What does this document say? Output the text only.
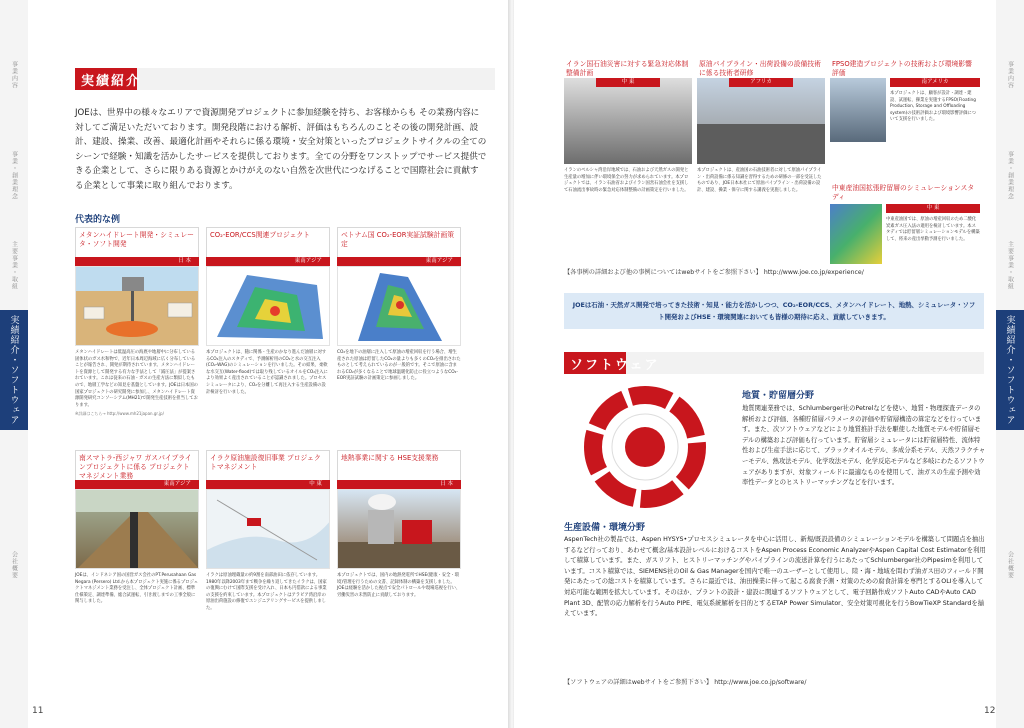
事業内容
事業・創業理念
主要事業・取組
実績紹介・ソフトウェア
会社概要
実績紹介
JOEは、世界中の様々なエリアで資源開発プロジェクトに参加経験を持ち、お客様からも その業務内容に対してご満足いただいております。開発段階における解析、評価はもちろんのことその後の開発計画、設計、建設、操業、改善、最適化計画やそれらに係る環境・安全対策といったプロジェクトサイクルの全てのシーンで経験・知識を活かしたサービスを提供しております。全ての分野をワンストップでサービス提供できる企業として、さらに限りある資源とかけがえのない自然を次世代につなげることで国際社会に貢献する企業として事業に取り組んでおります。
代表的な例
メタンハイドレート開発・シミュレータ・ソフト開発
日 本
メタンハイドレートは低温高圧の海底や地層中に分布している固体状のガス水和物で、近年日本周辺海域に広く分布していることが報告され、開発が期待されています。メタンハイドレートを資源として開発する有力な手法として「減圧法」が提案されています。これは従来の石油・ガスの生産方法に類似したもので、地層工学などの知見を基盤としています。JOEは日本国の国家プロジェクトの研究開発に参加し、メタンハイドレート資源開発研究コンソーシアム(MH21)で開発生産技術を担当しております。
※詳細はこちら→ http://www.mh21japan.gr.jp/
CO₂-EOR/CCS関連プロジェクト
東南アジア
本プロジェクトは、随に関係・生産のかなり進んだ油層に対するCO₂注入のスタディで、予測解析用のCO₂と水の交互注入(CO₂-WAG)のシミュレーションを行いました。その結果、柔軟な水交互(Water-flood)では取り残しているオイルをCO₂注入により効果よく産出されていることが認識されました。プロセスシミュレータにより、CO₂を分離して再注入する生産設備の設計検討を行いました。
ベトナム国 CO₂-EOR実証試験計画策定
東南アジア
CO₂を地下の油層に注入して原油の増産回収を行う場合、増生産された原油は貯留したCO₂の量よりも多くのCO₂を排出されたものとして考えられているのが一般的です。そこで原油に含まれるCO₂が多くなることで地球温暖化防止に役立つようなCO₂-EOR実証試験の計画策定に参画しました。
南スマトラ-西ジャワ ガスパイプラインプロジェクトに係る プロジェクトマネジメント業務
東南アジア
JOEは、インドネシア国の国営ガス会社のPT.Perusahaan Gas Negara (Persero) Ltd.から本プロジェクト実施に係るプロジェクトマネジメント業務を受注し、全体プロジェクト計画、標準仕様策定、調達準備、総合試運転、引き渡しまでの工事全般に関与しました。
イラク原油施設復旧事業 プロジェクトマネジメント
中 東
イラクは原油埋蔵量の約9割を南部油田に依存しています。1980年以降2003年まで戦争を繰り返してきたイラクは、国家の復興にむけて国際支援を受け入れ、日本も円借款による事業の支援を約束しています。本プロジェクトはアラビア湾沿岸の原油出荷施設の修復でエンジニアリングサービスを提供しました。
地熱事業に関する HSE支援業務
日 本
本プロジェクトでは、国内の地熱発電所でHSE(健康・安全・環境)管理を行うための文書、記録体制の構築を支援しました。JOEは経験を活かした視点で安全パトロールや現場巡視を行い、労働災害の未然防止に貢献しております。
11
事業内容
事業・創業理念
主要事業・取組
実績紹介・ソフトウェア
会社概要
イラン国石油災害に対する緊急対応体制整備計画
中 東
イランのペルシャ湾沿岸地域では、石油および天然ガスの開発と生産量の増加に伴い環境保全の努力が求められています。本プロジェクトでは、イラン石油省およびイラン国営石油会社を支援して石油流出事故時の緊急対応体制整備の計画策定を行いました。
原油パイプライン・出荷設備の設備技術に係る技術者研修
アフリカ
本プロジェクトは、産油国の石油技術者に対して原油パイプライン・出荷設備に係る知識を習得するための研修の一部を受託したものであり、JOE日本本社にて原油パイプライン・出荷設備の設計、建設、操業・保守に関する講義を実施しました。
FPSO建造プロジェクトの技術および環境影響評価
南アメリカ
本プロジェクトは、顧客が設計・調達・建設、試運転、操業を実施するFPSO(Floating Production, Storage and Offloading system)の技術評価および環境影響評価について支援を行いました。
中東産油国拡張貯留層のシミュレーションスタディ
中 東
中東産油国では、原油の増産回収のため二酸化炭素ガス圧入法の適用を検討しています。本スタディでは貯留層シミュレーションモデルを構築して、将来の産出挙動予測を行いました。
【各事例の詳細および他の事例についてはwebサイトをご参照下さい】 http://www.joe.co.jp/experience/
JOEは石油・天然ガス開発で培ってきた技術・知見・能力を活かしつつ、CO₂-EOR/CCS、メタンハイドレート、地熱、シミュレータ・ソフト開発およびHSE・環境関連においても皆様の期待に応え、貢献していきます。
ソフトウェア
地質・貯留層分野
地質関連業務では、Schlumberger社のPetrelなどを使い、地質・物理探査データの解析および評価、各種貯留層パラメータの評価や貯留層構造の算定などを行っています。また、次ソフトウェアなどにより地質推計手法を駆使した地質モデルや貯留層モデルの構築および評価も行っています。貯留層シミュレータには貯留層特性、流体特性および生産手法に応じて、ブラックオイルモデル、多成分系モデル、天然フラクチャーモデル、熱攻法モデル、化学攻法モデル、化学反応モデルなど多岐にわたるソフトウェアがありますが、対象フィールドに最適なものを使用して、油ガスの生産予測や効率性データとのヒストリーマッチングなどを行います。
生産設備・環境分野
AspenTech社の製品では、Aspen HYSYS•プロセスシミュレータを中心に活用し、新規/既設設備のシミュレーションモデルを構築して問題点を抽出するなど行っており、あわせて概念/基本設計レベルにおけるコストをAspen Process Economic AnalyzerやAspen Capital Cost Estimatorを利用して積算しています。また、ガスリフト、ヒストリーマッチングやパイプラインの流送計算を行うにあたってSchlumberger社のPipesimを利用しています。コスト積算では、SIEMENS社のOil & Gas Managerを国内で唯一のユーザーとして使用し、陸・海・地域を問わず油ガス田のフィールド開発にあたっての総コストを積算しています。さらに最近では、油田操業に伴って起こる腐食予測・対策のための腐食計算を専門とするOLIを導入して対応可能な範囲を拡大しています。そのほか、プラントの設計・建設に関連するソフトウェアとして、電子回路作成ソフトAuto CADやAuto CAD Plant 3D、配管の応力解析を行うAuto PIPE、電気系統解析を目的とするETAP Power Simulator、安全対策可視化を行うBowTieXP Standardを揃えています。
【ソフトウェアの詳細はwebサイトをご参照下さい】 http://www.joe.co.jp/software/
12
